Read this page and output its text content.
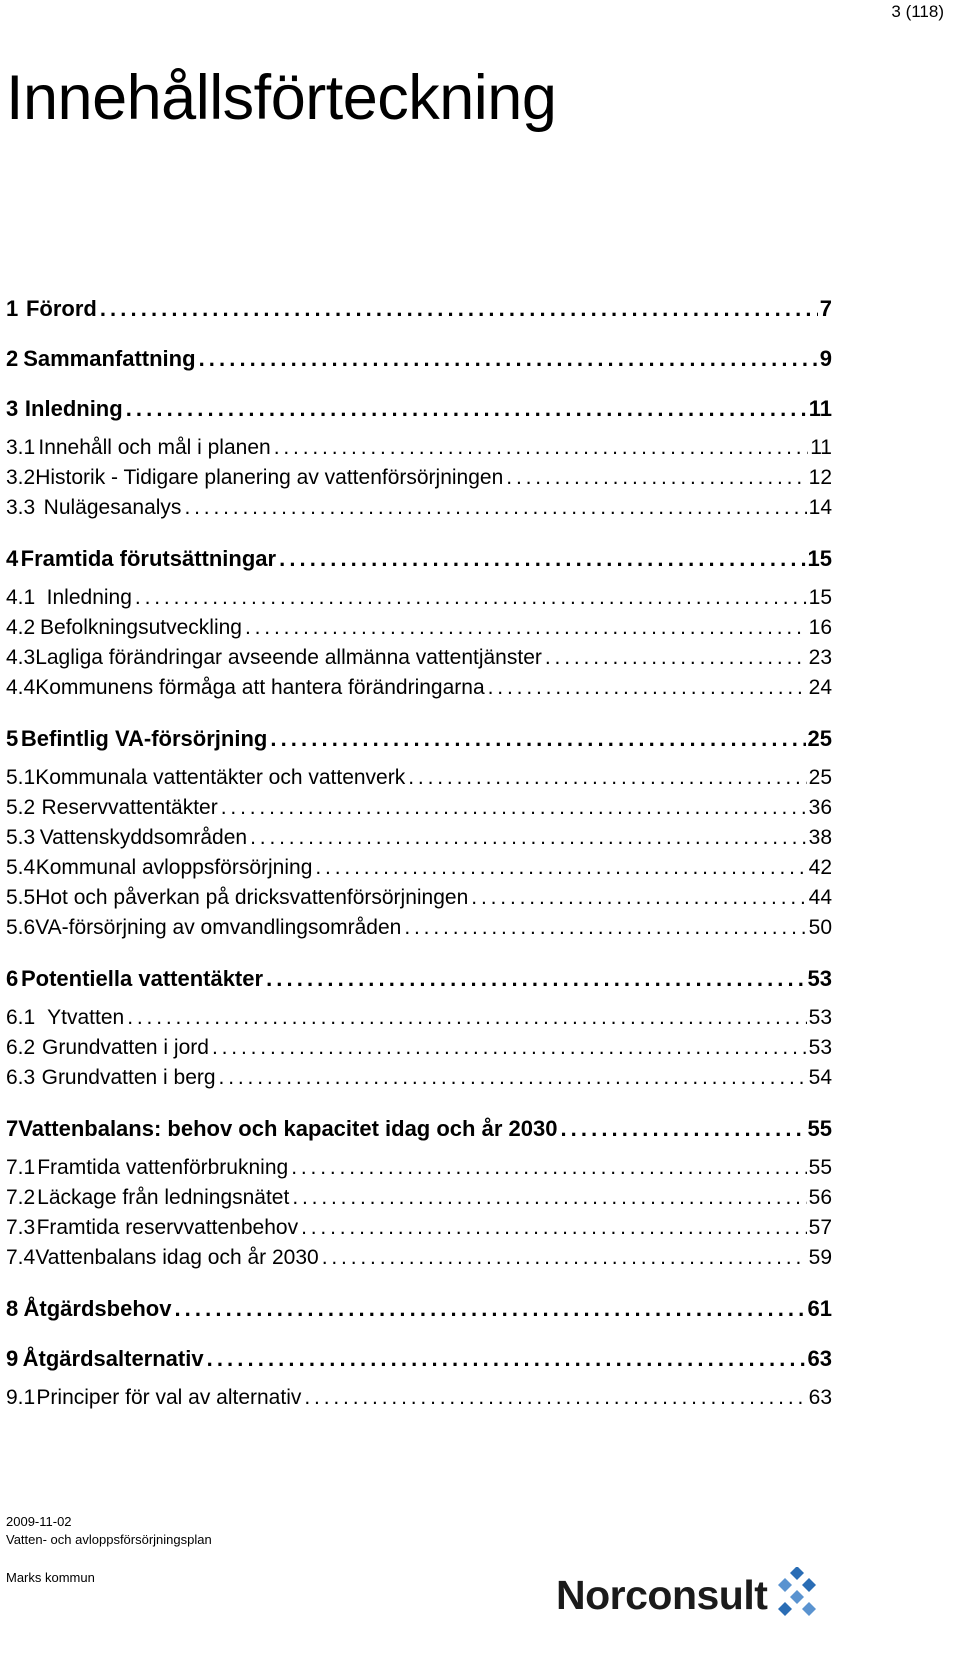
3 (118)
Innehållsförteckning
1 Förord . . .	7
2 Sammanfattning . . .	9
3 Inledning . . .	11
3.1 Innehåll och mål i planen . . .	11
3.2 Historik - Tidigare planering av vattenförsörjningen . . .	12
3.3 Nulägesanalys . . .	14
4 Framtida förutsättningar . . .	15
4.1 Inledning . . .	15
4.2 Befolkningsutveckling . . .	16
4.3 Lagliga förändringar avseende allmänna vattentjänster . . .	23
4.4 Kommunens förmåga att hantera förändringarna . . .	24
5 Befintlig VA-försörjning . . .	25
5.1 Kommunala vattentäkter och vattenverk . . .	25
5.2 Reservvattentäkter . . .	36
5.3 Vattenskyddsområden . . .	38
5.4 Kommunal avloppsförsörjning . . .	42
5.5 Hot och påverkan på dricksvattenförsörjningen . . .	44
5.6 VA-försörjning av omvandlingsområden . . .	50
6 Potentiella vattentäkter . . .	53
6.1 Ytvatten . . .	53
6.2 Grundvatten i jord . . .	53
6.3 Grundvatten i berg . . .	54
7 Vattenbalans: behov och kapacitet idag och år 2030 . . .	55
7.1 Framtida vattenförbrukning . . .	55
7.2 Läckage från ledningsnätet . . .	56
7.3 Framtida reservvattenbehov . . .	57
7.4 Vattenbalans idag och år 2030 . . .	59
8 Åtgärdsbehov . . .	61
9 Åtgärdsalternativ . . .	63
9.1 Principer för val av alternativ . . .	63
2009-11-02
Vatten- och avloppsförsörjningsplan
Marks kommun	Norconsult
